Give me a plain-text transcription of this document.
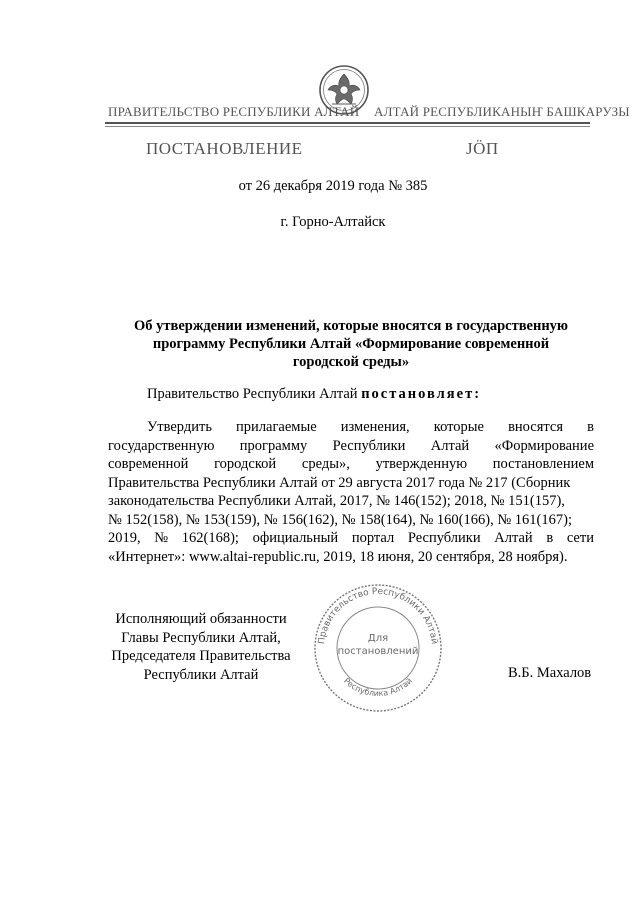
ПРАВИТЕЛЬСТВО РЕСПУБЛИКИ АЛТАЙ АЛТАЙ РЕСПУБЛИКАНЫҤ БАШКАРУЗЫ
ПОСТАНОВЛЕНИЕ	ЈӦП
от 26 декабря 2019 года № 385
г. Горно-Алтайск
Об утверждении изменений, которые вносятся в государственную
программу Республики Алтай «Формирование современной
городской среды»
Правительство Республики Алтай постановляет:
Утвердить прилагаемые изменения, которые вносятся в
государственную программу Республики Алтай «Формирование
современной городской среды», утвержденную постановлением
Правительства Республики Алтай от 29 августа 2017 года № 217 (Сборник
законодательства Республики Алтай, 2017, № 146(152); 2018, № 151(157),
№ 152(158), № 153(159), № 156(162), № 158(164), № 160(166), № 161(167);
2019, № 162(168); официальный портал Республики Алтай в сети
«Интернет»: www.altai-republic.ru, 2019, 18 июня, 20 сентября, 28 ноября).
Исполняющий обязанности
Главы Республики Алтай,
Председателя Правительства
Республики Алтай	В.Б. Махалов
Правительство Республики Алтай
Республика Алтай
Для
постановлений
